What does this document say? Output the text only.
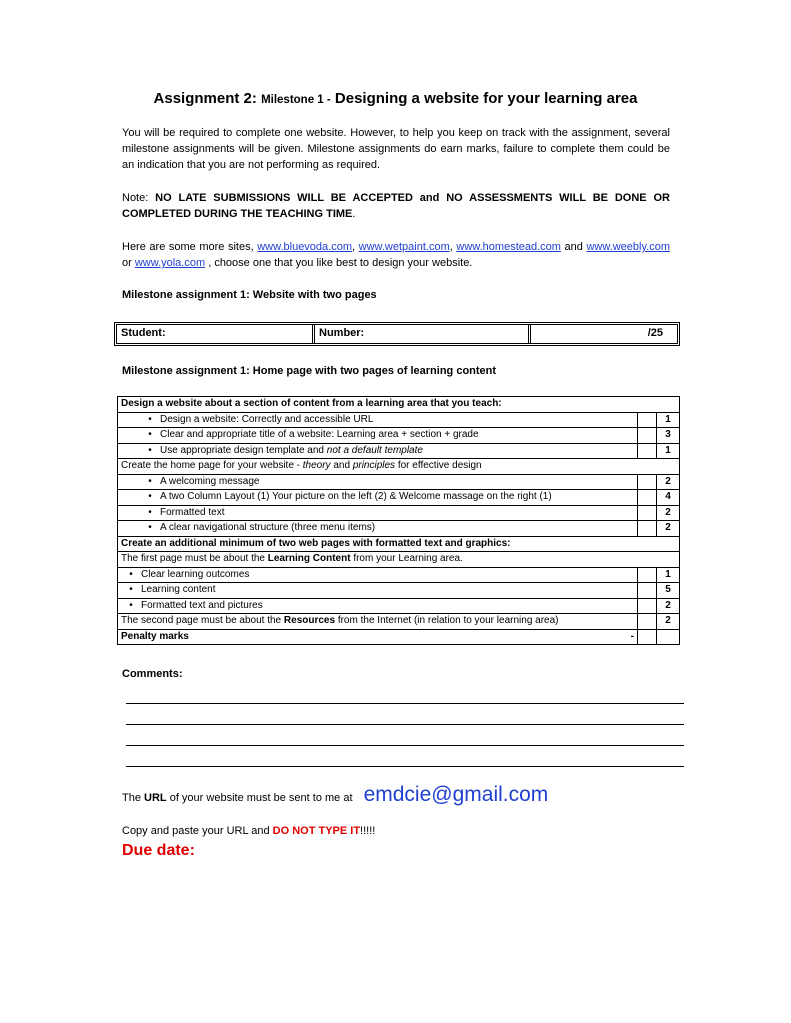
Assignment 2: Milestone 1 - Designing a website for your learning area
You will be required to complete one website. However, to help you keep on track with the assignment, several milestone assignments will be given. Milestone assignments do earn marks, failure to complete them could be an indication that you are not performing as required.
Note: NO LATE SUBMISSIONS WILL BE ACCEPTED and NO ASSESSMENTS WILL BE DONE OR COMPLETED DURING THE TEACHING TIME.
Here are some more sites, www.bluevoda.com, www.wetpaint.com, www.homestead.com and www.weebly.com or www.yola.com , choose one that you like best to design your website.
Milestone assignment 1: Website with two pages
Student:	Number:	/25
Milestone assignment 1: Home page with two pages of learning content
Design a website about a section of content from a learning area that you teach:		
• Design a website: Correctly and accessible URL		1
• Clear and appropriate title of a website: Learning area + section + grade		3
• Use appropriate design template and not a default template		1
Create the home page for your website - theory and principles for effective design		
• A welcoming message		2
• A two Column Layout (1) Your picture on the left (2) & Welcome massage on the right (1)		4
• Formatted text		2
• A clear navigational structure (three menu items)		2
Create an additional minimum of two web pages with formatted text and graphics:		
The first page must be about the Learning Content from your Learning area.		
• Clear learning outcomes		1
• Learning content		5
• Formatted text and pictures		2
The second page must be about the Resources from the Internet (in relation to your learning area)		2
Penalty marks -		

Comments:
The URL of your website must be sent to me at emdcie@gmail.com
Copy and paste your URL and DO NOT TYPE IT!!!!!
Due date:
